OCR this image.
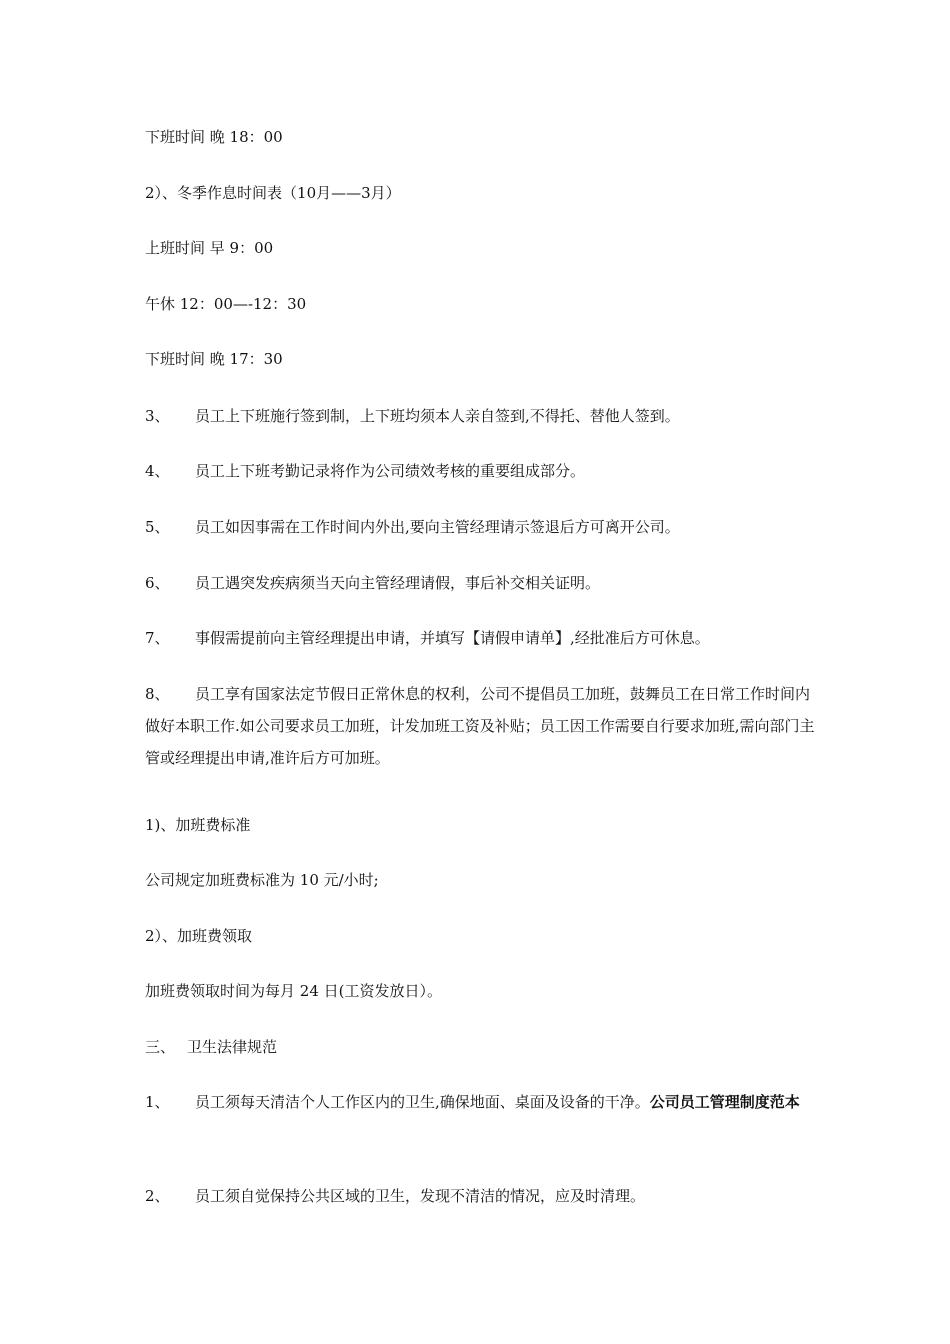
下班时间 晚 18：00
2）、冬季作息时间表（10月——3月）
上班时间 早 9：00
午休 12：00—-12：30
下班时间 晚 17：30
3、 员工上下班施行签到制，上下班均须本人亲自签到,不得托、替他人签到。
4、 员工上下班考勤记录将作为公司绩效考核的重要组成部分。
5、 员工如因事需在工作时间内外出,要向主管经理请示签退后方可离开公司。
6、 员工遇突发疾病须当天向主管经理请假，事后补交相关证明。
7、 事假需提前向主管经理提出申请，并填写【请假申请单】,经批准后方可休息。
8、 员工享有国家法定节假日正常休息的权利，公司不提倡员工加班，鼓舞员工在日常工作时间内做好本职工作.如公司要求员工加班，计发加班工资及补贴；员工因工作需要自行要求加班,需向部门主管或经理提出申请,准许后方可加班。
1)、加班费标准
公司规定加班费标准为 10 元/小时;
2）、加班费领取
加班费领取时间为每月 24 日(工资发放日）。
三、 卫生法律规范
1、 员工须每天清洁个人工作区内的卫生,确保地面、桌面及设备的干净。公司员工管理制度范本
2、 员工须自觉保持公共区域的卫生，发现不清洁的情况，应及时清理。
